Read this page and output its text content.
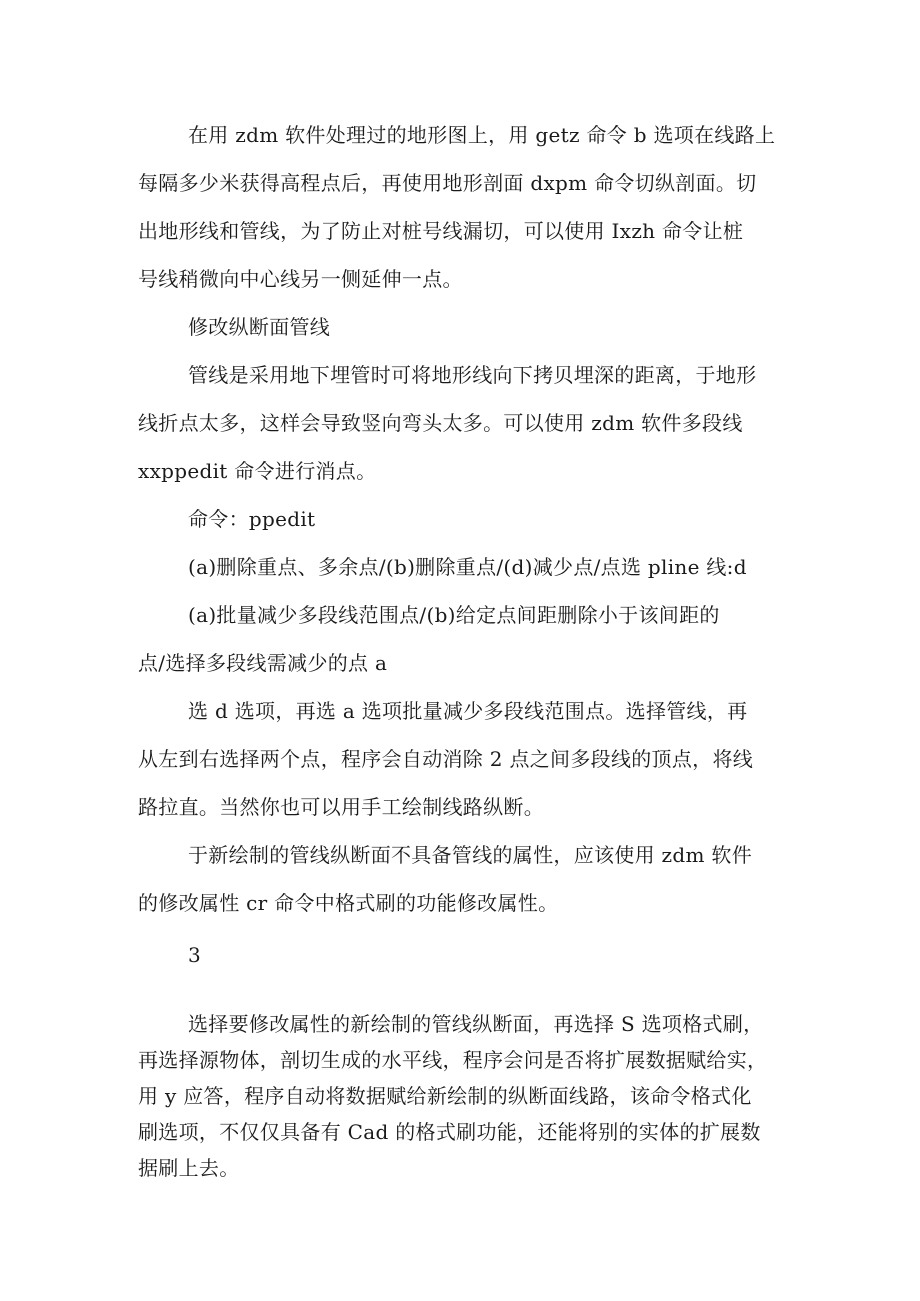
在用 zdm 软件处理过的地形图上，用 getz 命令 b 选项在线路上
每隔多少米获得高程点后，再使用地形剖面 dxpm 命令切纵剖面。切
出地形线和管线，为了防止对桩号线漏切，可以使用 Ixzh 命令让桩
号线稍微向中心线另一侧延伸一点。
修改纵断面管线
管线是采用地下埋管时可将地形线向下拷贝埋深的距离，于地形
线折点太多，这样会导致竖向弯头太多。可以使用 zdm 软件多段线
xxppedit 命令进行消点。
命令：ppedit
(a)删除重点、多余点/(b)删除重点/(d)减少点/点选 pline 线:d
(a)批量减少多段线范围点/(b)给定点间距删除小于该间距的
点/选择多段线需减少的点 a
选 d 选项，再选 a 选项批量减少多段线范围点。选择管线，再
从左到右选择两个点，程序会自动消除 2 点之间多段线的顶点，将线
路拉直。当然你也可以用手工绘制线路纵断。
于新绘制的管线纵断面不具备管线的属性，应该使用 zdm 软件
的修改属性 cr 命令中格式刷的功能修改属性。
3
选择要修改属性的新绘制的管线纵断面，再选择 S 选项格式刷，
再选择源物体，剖切生成的水平线，程序会问是否将扩展数据赋给实，
用 y 应答，程序自动将数据赋给新绘制的纵断面线路，该命令格式化
刷选项，不仅仅具备有 Cad 的格式刷功能，还能将别的实体的扩展数
据刷上去。
